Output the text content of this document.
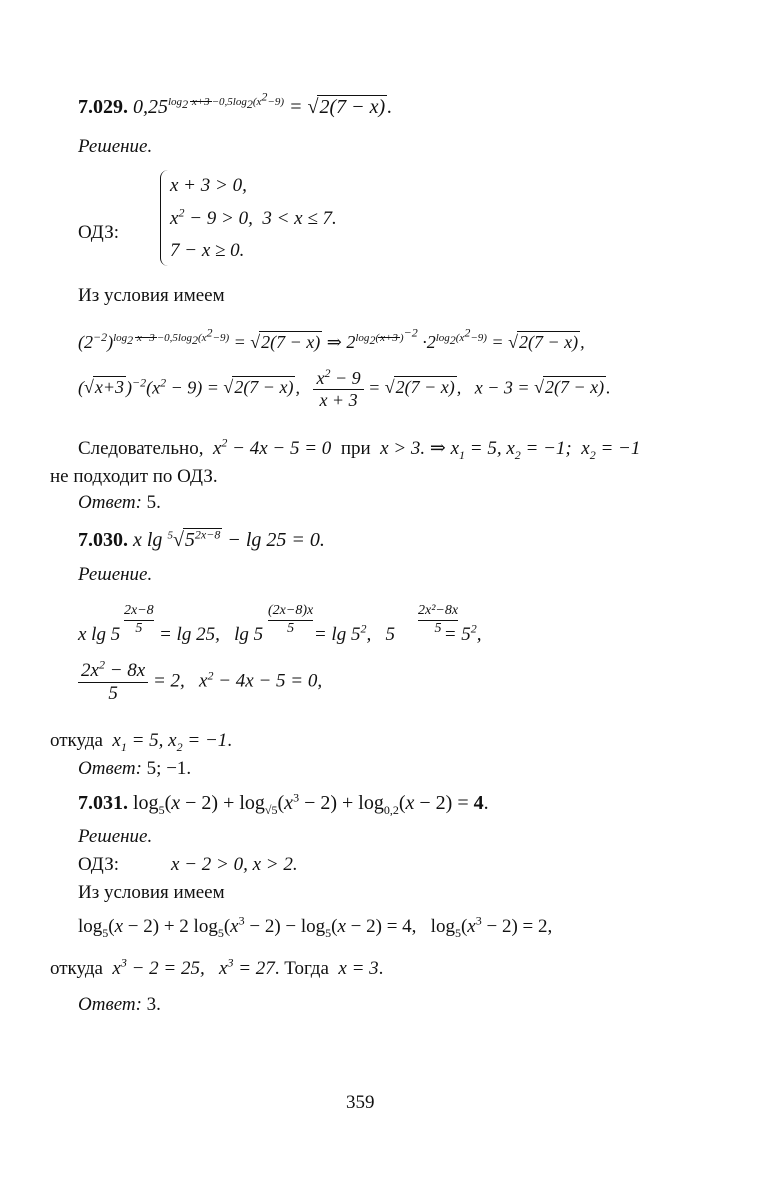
7.029. $0,25^{log_2 x+3 -0,5log_2(x^2-9)} = √2(7 - x)$ .
Решение.
ОДЗ:
x + 3 > 0,
$x^2 - 9 > 0$,  3 < x ≤ 7.
7 − x ≥ 0.
Из условия имеем
$(2^{-2})^{log_2 x-3 -0,5log_2(x^2-9)} = √2(7 - x)$ ⇒ $2^{log_2(x+3 )^{-2}} \cdot 2^{log_2(x^2-9)} = √2(7 - x)$ ,
(√x+3 )$^{-2}(x^2 - 9) = √2(7 - x)$ , $\frac{x^2 - 9}{x + 3} = √2(7 - x)$ ,   x − 3 = √2(7 − x) .
Следовательно,  $x^2 - 4x - 5 = 0$  при  x > 3. ⇒ $x_1 = 5$, $x_2 = -1$;  $x_2 = -1$
не подходит по ОДЗ.
Ответ: 5.
7.030. x $\lg ^5√5^{2x-8} - \lg 25 = 0$.
Решение.
2x−8
5
(2x−8)x
5
2x²−8x
5
x lg 5 = lg 25,   $\lg 5 = \lg 5^2$,   $5 = 5^2$,
$\frac{2x^2 - 8x}{5} = 2$,   $x^2 - 4x - 5 = 0$,
откуда  $x_1 = 5$, $x_2 = -1$.
Ответ: 5; −1.
7.031. $\log_5(x - 2) + \log_{√5}(x^3 - 2) + \log_{0,2}(x - 2) = 4$.
Решение.
ОДЗ:	x − 2 > 0, x > 2.
Из условия имеем
$\log_5(x - 2) + 2$ $\log_5(x^3 - 2) - \log_5(x - 2) = 4$,   $\log_5(x^3 - 2) = 2$,
откуда  $x^3 - 2 = 25$,   $x^3 = 27$. Тогда  x = 3.
Ответ: 3.
359
